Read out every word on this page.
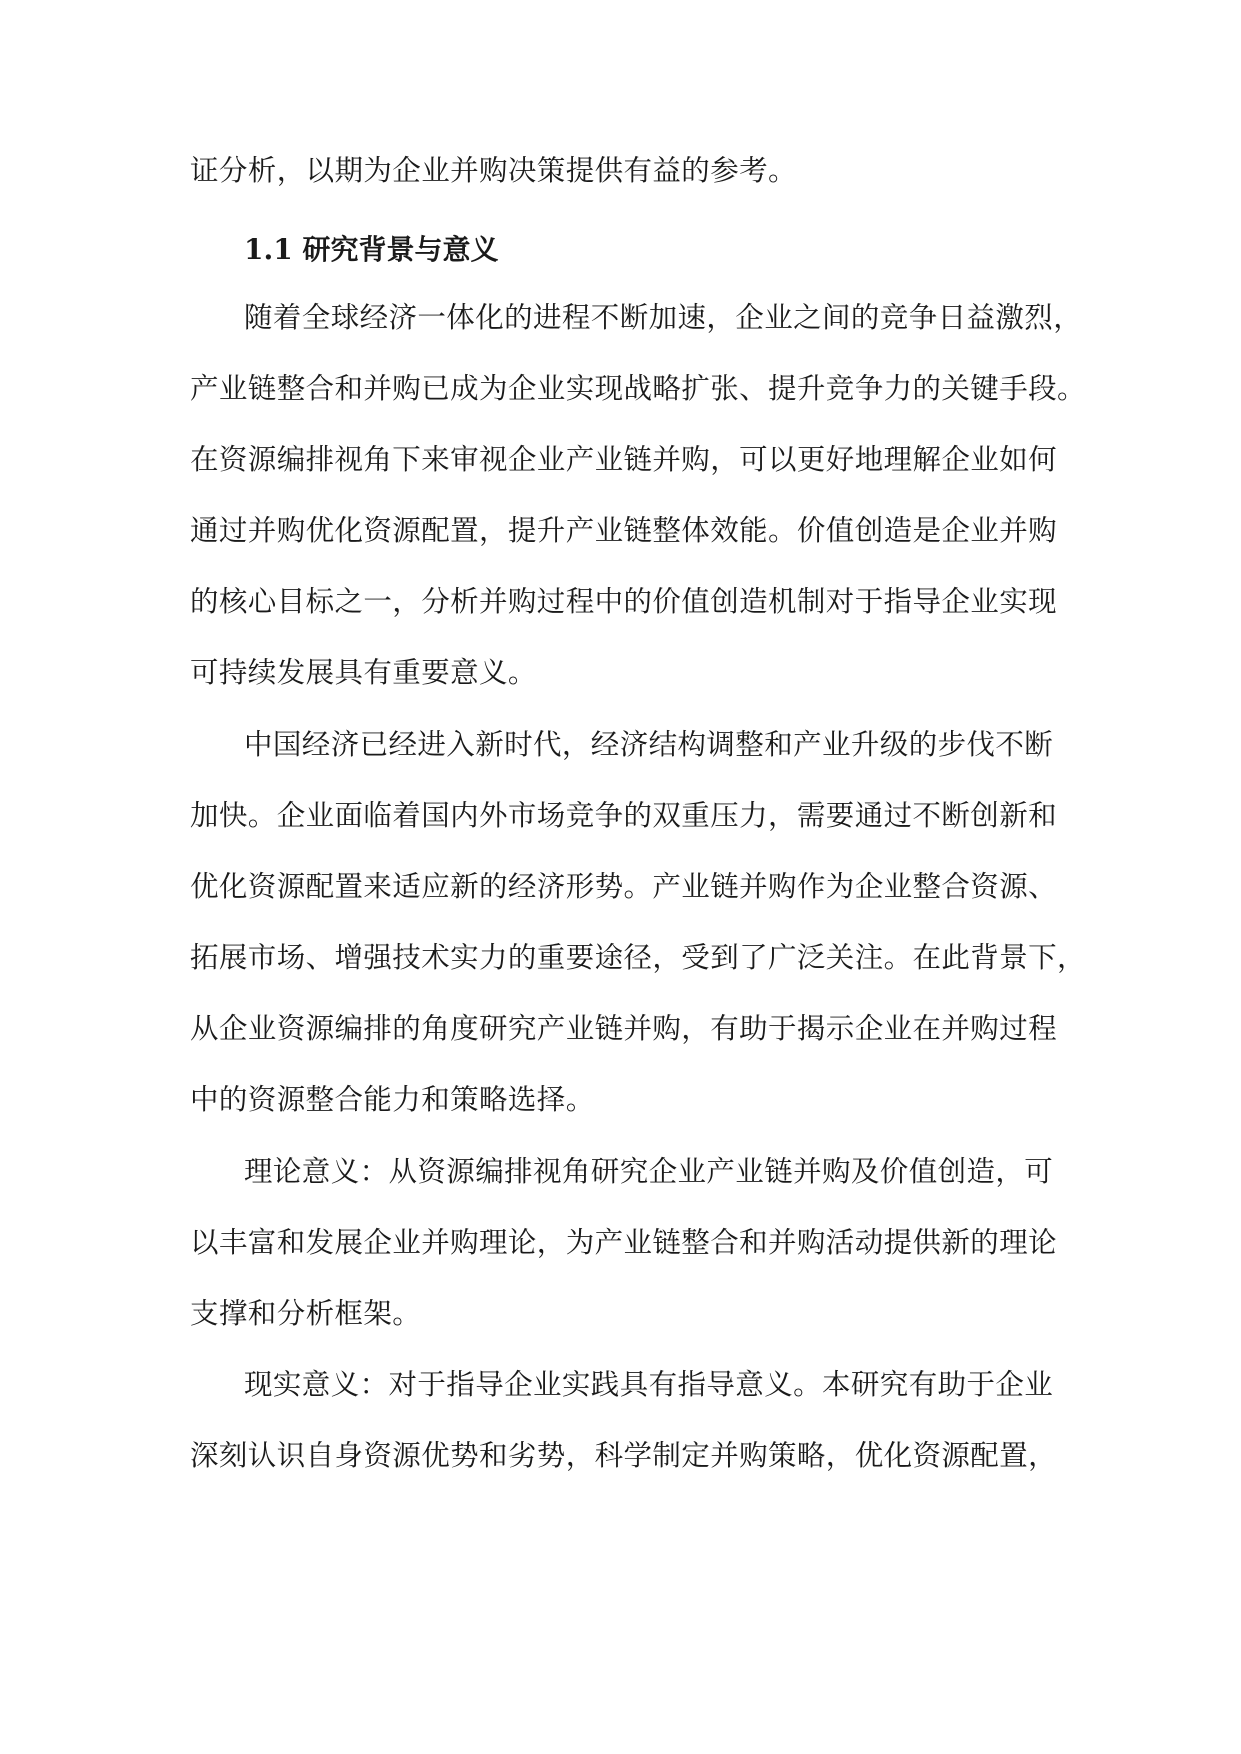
证分析，以期为企业并购决策提供有益的参考。
1.1 研究背景与意义
随着全球经济一体化的进程不断加速，企业之间的竞争日益激烈，
产业链整合和并购已成为企业实现战略扩张、提升竞争力的关键手段。
在资源编排视角下来审视企业产业链并购，可以更好地理解企业如何
通过并购优化资源配置，提升产业链整体效能。价值创造是企业并购
的核心目标之一，分析并购过程中的价值创造机制对于指导企业实现
可持续发展具有重要意义。
中国经济已经进入新时代，经济结构调整和产业升级的步伐不断
加快。企业面临着国内外市场竞争的双重压力，需要通过不断创新和
优化资源配置来适应新的经济形势。产业链并购作为企业整合资源、
拓展市场、增强技术实力的重要途径，受到了广泛关注。在此背景下，
从企业资源编排的角度研究产业链并购，有助于揭示企业在并购过程
中的资源整合能力和策略选择。
理论意义：从资源编排视角研究企业产业链并购及价值创造，可
以丰富和发展企业并购理论，为产业链整合和并购活动提供新的理论
支撑和分析框架。
现实意义：对于指导企业实践具有指导意义。本研究有助于企业
深刻认识自身资源优势和劣势，科学制定并购策略，优化资源配置，
